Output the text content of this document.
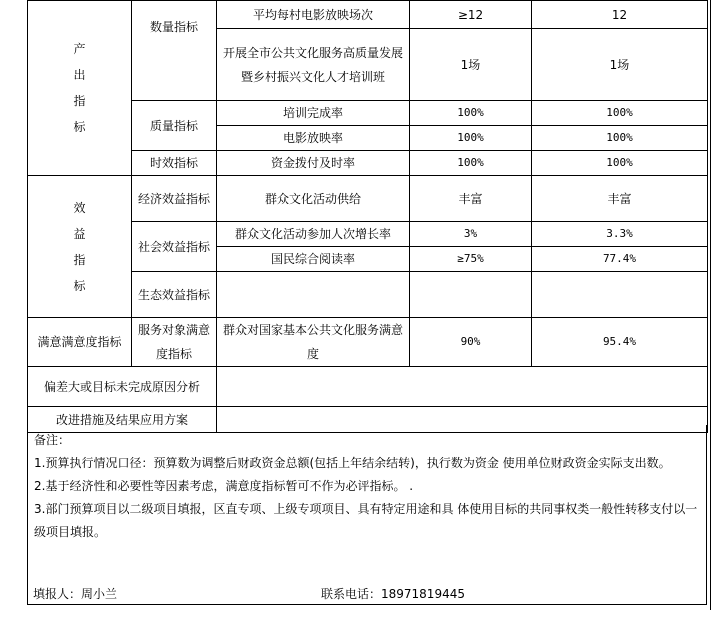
产出指标	数量指标	平均每村电影放映场次	≥12	12
		开展全市公共文化服务高质量发展暨乡村振兴文化人才培训班	1场	1场
	质量指标	培训完成率	100%	100%
		电影放映率	100%	100%
	时效指标	资金拨付及时率	100%	100%

效益指标	经济效益指标	群众文化活动供给	丰富	丰富
	社会效益指标	群众文化活动参加人次增长率	3%	3.3%
		国民综合阅读率	≥75%	77.4%
	生态效益指标			
满意满意度指标	服务对象满意度指标	群众对国家基本公共文化服务满意度	90%	95.4%
偏差大或目标未完成原因分析				
改进措施及结果应用方案				

备注：

1.预算执行情况口径：预算数为调整后财政资金总额(包括上年结余结转)，执行数为资金 使用单位财政资金实际支出数。

2.基于经济性和必要性等因素考虑，满意度指标暂可不作为必评指标。 .

3.部门预算项目以二级项目填报，区直专项、上级专项项目、具有特定用途和具 体使用目标的共同事权类一般性转移支付以一级项目填报。

填报人：周小兰	联系电话：18971819445
